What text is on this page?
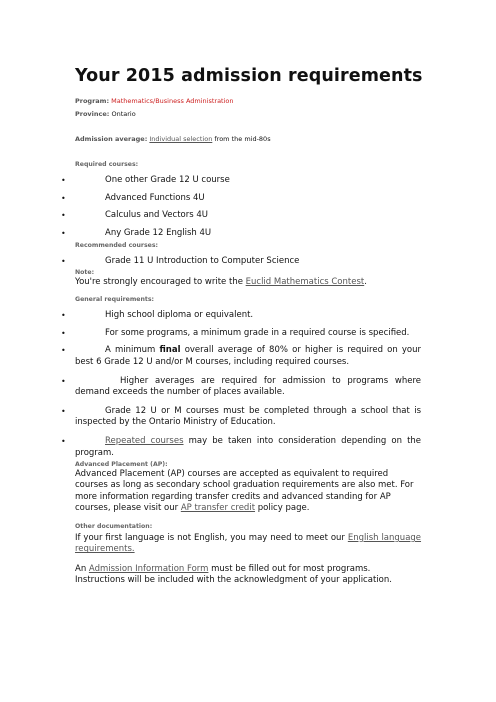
Your 2015 admission requirements

Program: Mathematics/Business Administration

Province: Ontario

Admission average: Individual selection from the mid-80s

Required courses:

•	One other Grade 12 U course
•	Advanced Functions 4U
•	Calculus and Vectors 4U
•	Any Grade 12 English 4U

Recommended courses:

•	Grade 11 U Introduction to Computer Science

Note:

You're strongly encouraged to write the Euclid Mathematics Contest.

General requirements:

•	High school diploma or equivalent.
•	For some programs, a minimum grade in a required course is specified.
•	A minimum final overall average of 80% or higher is required on your best 6 Grade 12 U and/or M courses, including required courses.
•	Higher averages are required for admission to programs where demand exceeds the number of places available.
•	Grade 12 U or M courses must be completed through a school that is inspected by the Ontario Ministry of Education.
•	Repeated courses may be taken into consideration depending on the program.

Advanced Placement (AP):

Advanced Placement (AP) courses are accepted as equivalent to required courses as long as secondary school graduation requirements are also met. For more information regarding transfer credits and advanced standing for AP courses, please visit our AP transfer credit policy page.

Other documentation:

If your first language is not English, you may need to meet our English language requirements.

An Admission Information Form must be filled out for most programs. Instructions will be included with the acknowledgment of your application.
